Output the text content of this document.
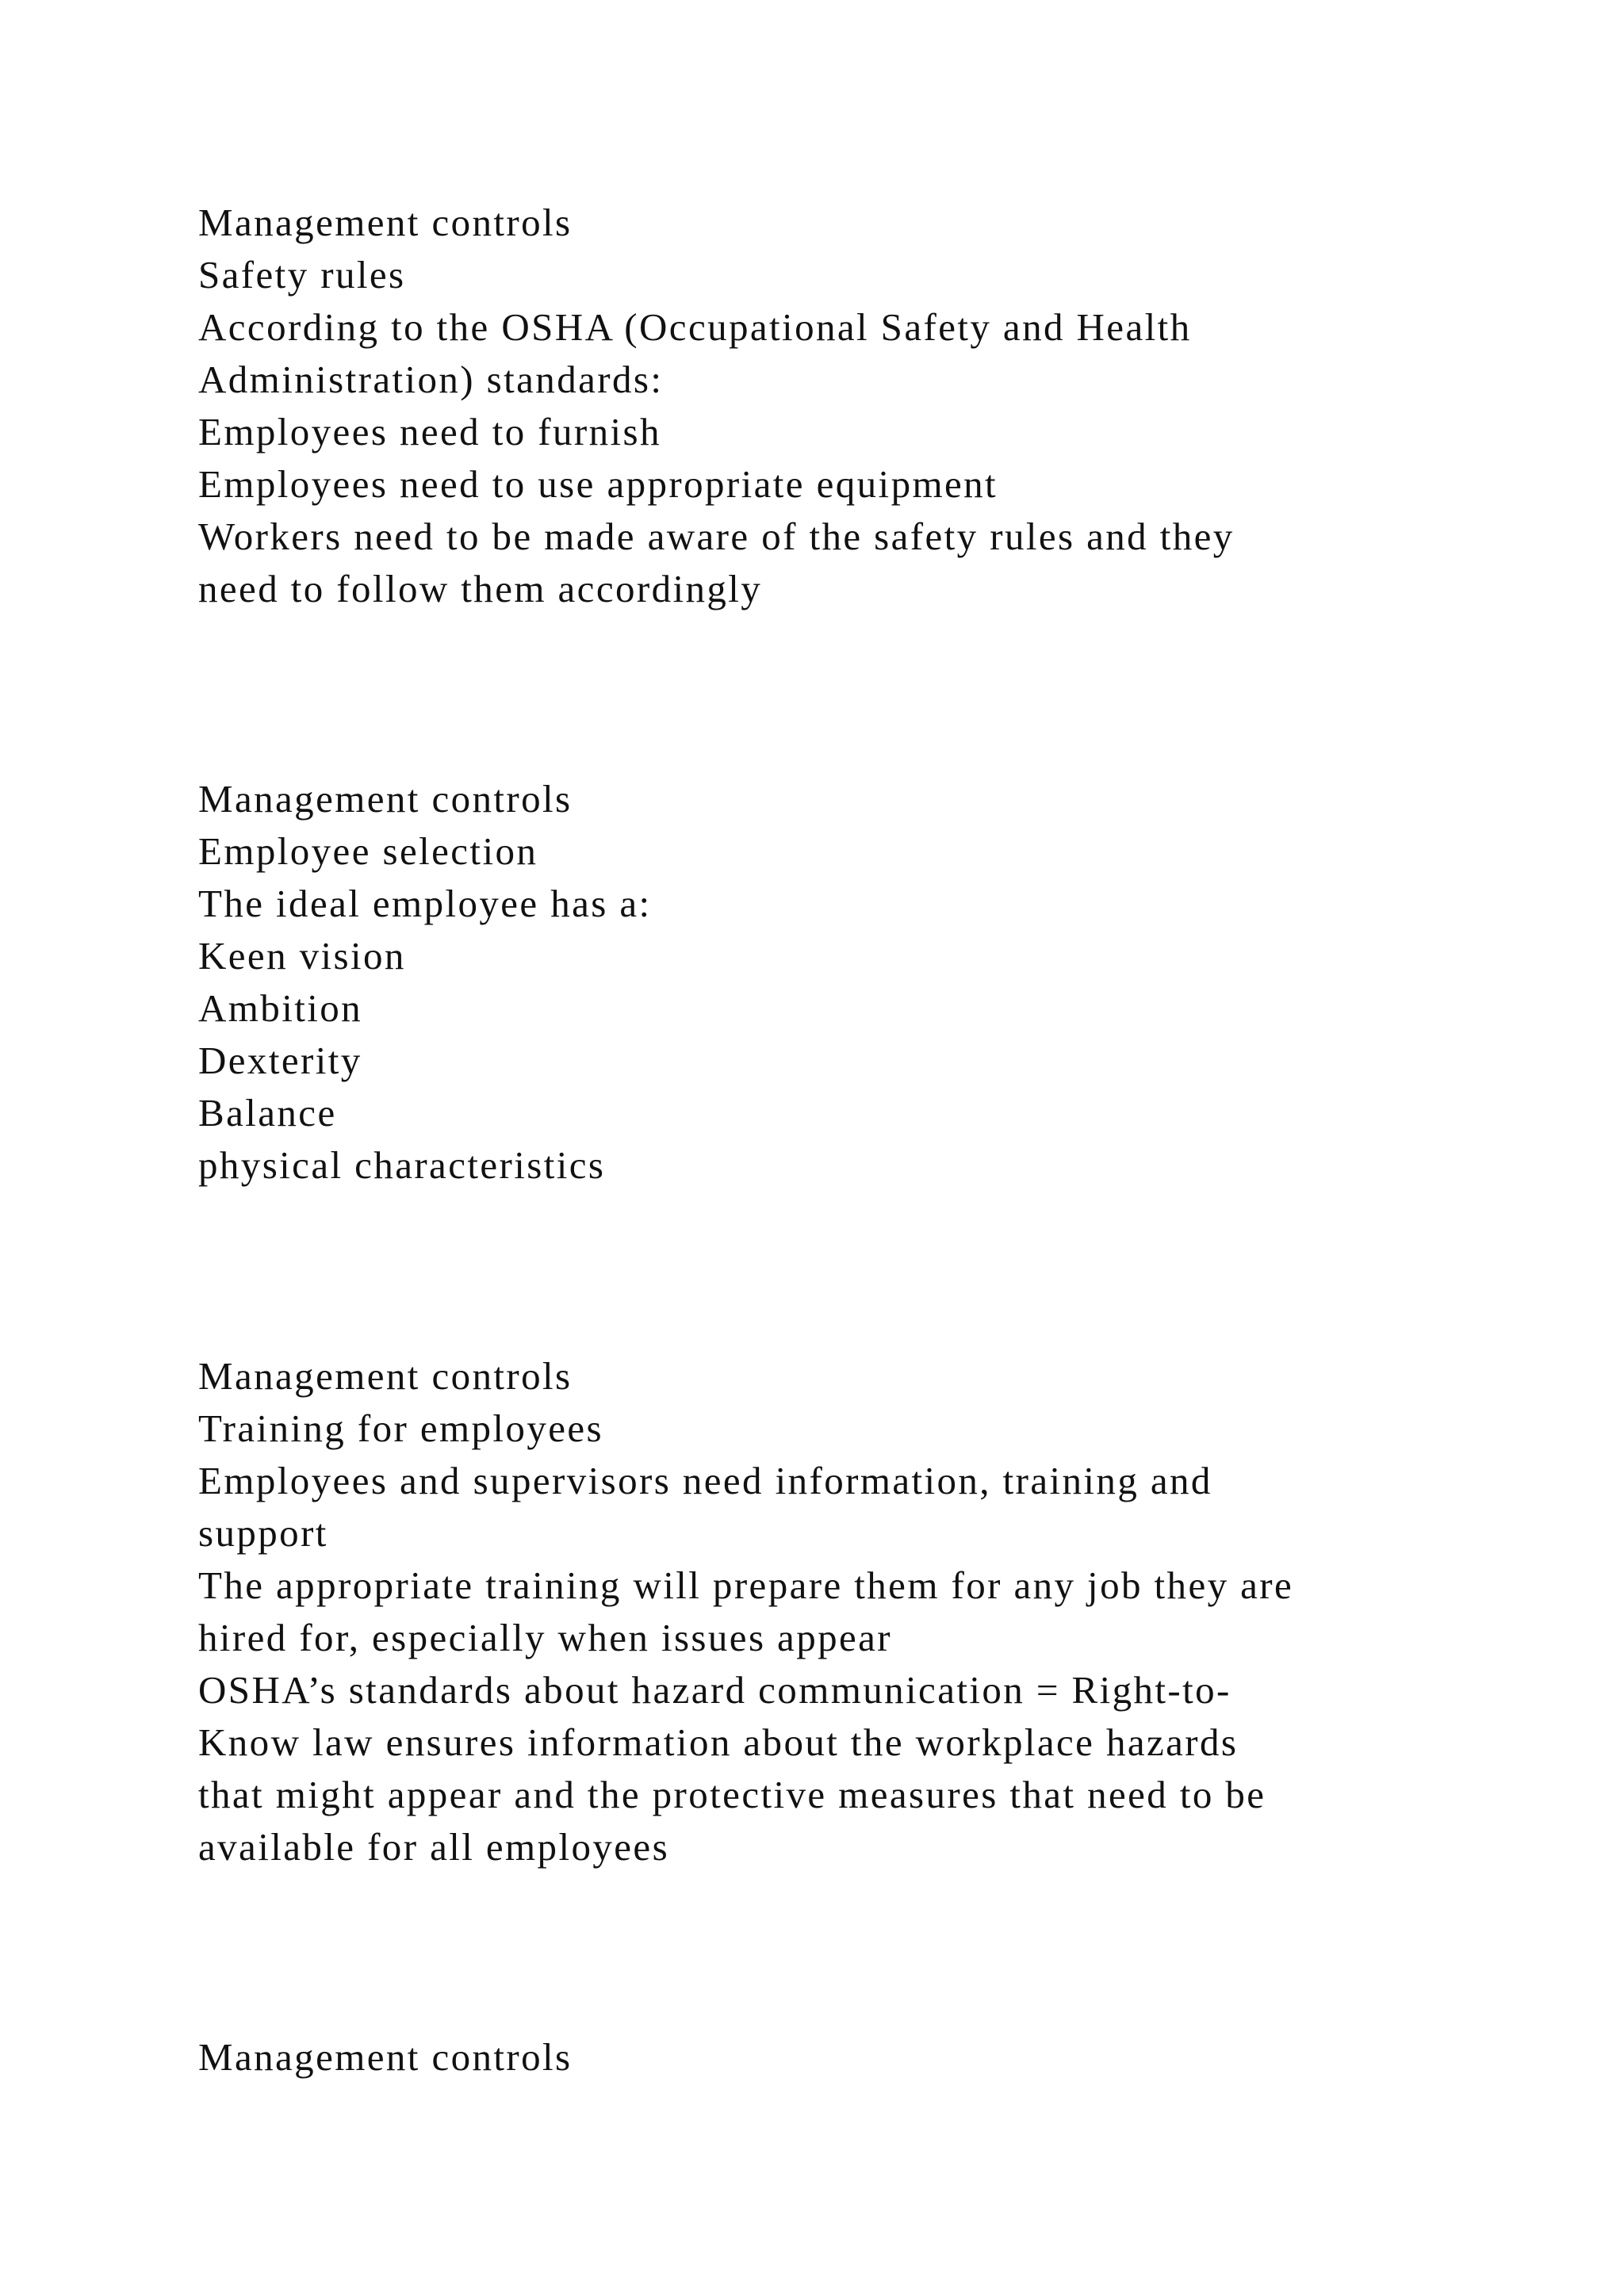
Management controls
Safety rules
According to the OSHA (Occupational Safety and Health
Administration) standards:
Employees need to furnish
Employees need to use appropriate equipment
Workers need to be made aware of the safety rules and they
need to follow them accordingly
Management controls
Employee selection
The ideal employee has a:
Keen vision
Ambition
Dexterity
Balance
physical characteristics
Management controls
Training for employees
Employees and supervisors need information, training and
support
The appropriate training will prepare them for any job they are
hired for, especially when issues appear
OSHA’s standards about hazard communication = Right-to-
Know law ensures information about the workplace hazards
that might appear and the protective measures that need to be
available for all employees
Management controls
